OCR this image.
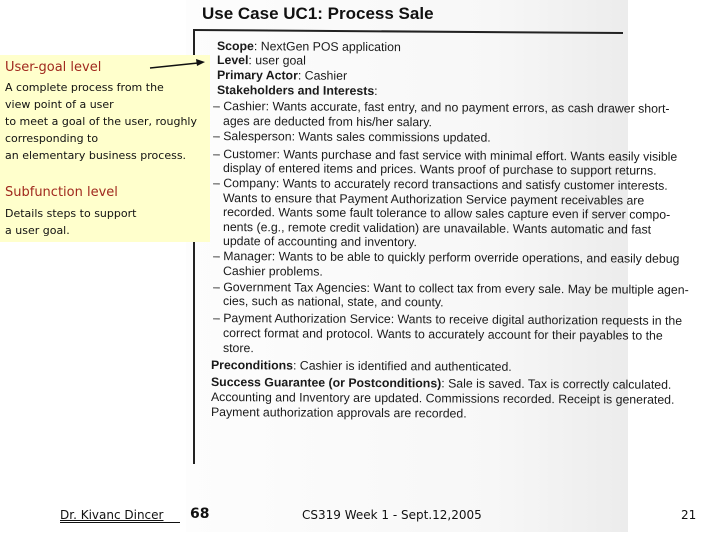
Use Case UC1: Process Sale
Scope: NextGen POS application
Level: user goal
Primary Actor: Cashier
Stakeholders and Interests:
– Cashier: Wants accurate, fast entry, and no payment errors, as cash drawer short-
ages are deducted from his/her salary.
– Salesperson: Wants sales commissions updated.
– Customer: Wants purchase and fast service with minimal effort. Wants easily visible
display of entered items and prices. Wants proof of purchase to support returns.
– Company: Wants to accurately record transactions and satisfy customer interests.
Wants to ensure that Payment Authorization Service payment receivables are
recorded. Wants some fault tolerance to allow sales capture even if server compo-
nents (e.g., remote credit validation) are unavailable. Wants automatic and fast
update of accounting and inventory.
– Manager: Wants to be able to quickly perform override operations, and easily debug
Cashier problems.
– Government Tax Agencies: Want to collect tax from every sale. May be multiple agen-
cies, such as national, state, and county.
– Payment Authorization Service: Wants to receive digital authorization requests in the
correct format and protocol. Wants to accurately account for their payables to the
store.
Preconditions: Cashier is identified and authenticated.
Success Guarantee (or Postconditions): Sale is saved. Tax is correctly calculated.
Accounting and Inventory are updated. Commissions recorded. Receipt is generated.
Payment authorization approvals are recorded.
User-goal level
A complete process from the
view point of a user
to meet a goal of the user, roughly
corresponding to
an elementary business process.
Subfunction level
Details steps to support
a user goal.
Dr. Kivanc Dincer	68	CS319 Week 1 - Sept.12,2005	21
